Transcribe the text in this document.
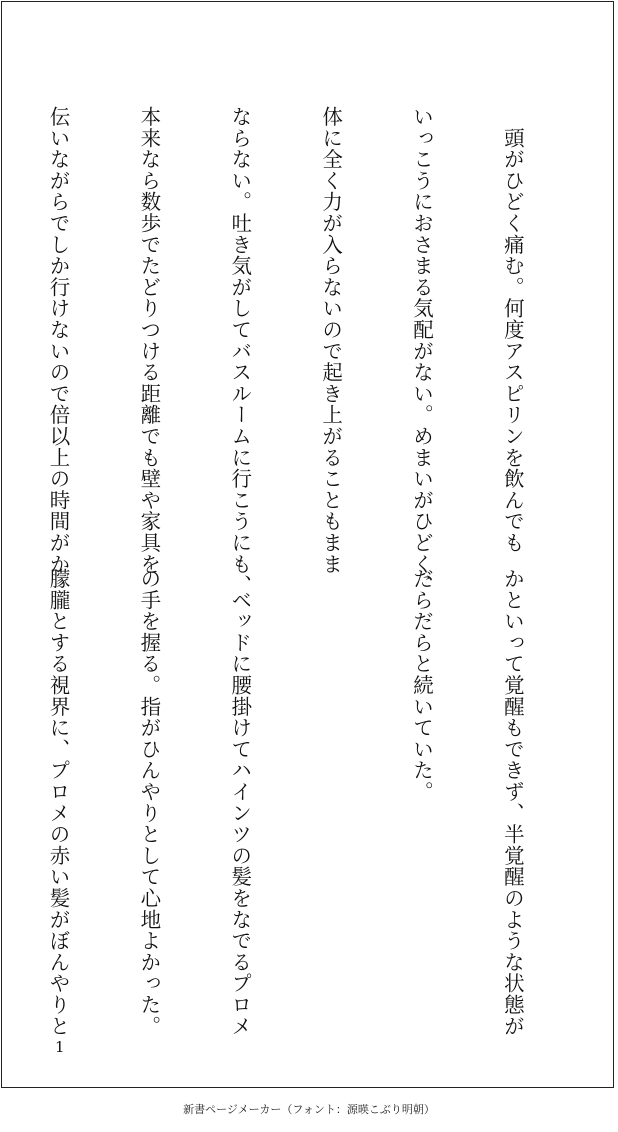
　頭がひどく痛む。何度アスピリンを飲んでも

いっこうにおさまる気配がない。めまいがひどく、

体に全く力が入らないので起き上がることもまま

ならない。吐き気がしてバスルームに行こうにも、

本来なら数歩でたどりつける距離でも壁や家具を

伝いながらでしか行けないので倍以上の時間がか

かといって覚醒もできず、半覚醒のような状態が

だらだらと続いていた。

　ベッドに腰掛けてハインツの髪をなでるプロメ

の手を握る。指がひんやりとして心地よかった。

朦朧とする視界に、プロメの赤い髪がぼんやりと

1
新書ページメーカー（フォント：源暎こぶり明朝）
